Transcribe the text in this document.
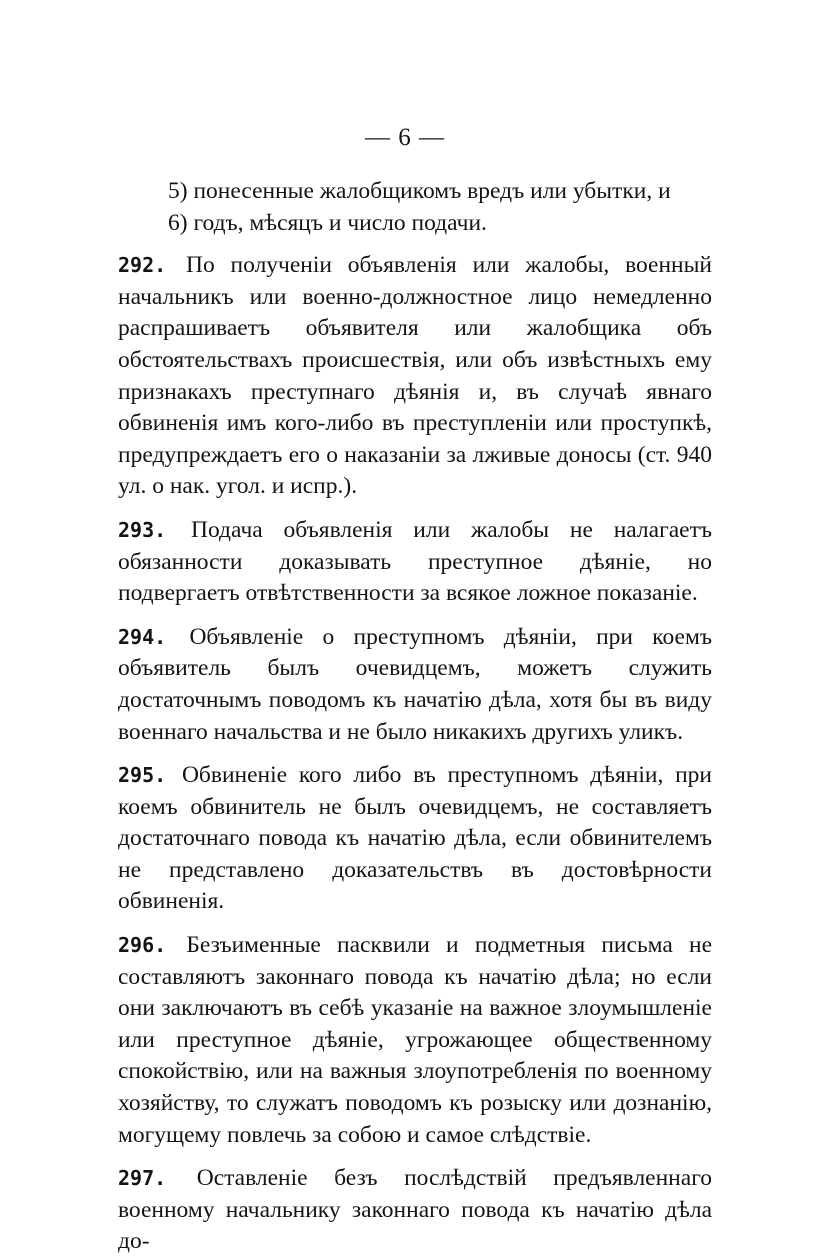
— 6 —
5) понесенные жалобщикомъ вредъ или убытки, и
6) годъ, мѣсяцъ и число подачи.

292. По полученіи объявленія или жалобы, военный начальникъ или военно-должностное лицо немедленно распрашиваетъ объявителя или жалобщика объ обстоятельствахъ происшествія, или объ извѣстныхъ ему признакахъ преступнаго дѣянія и, въ случаѣ явнаго обвиненія имъ кого-либо въ преступленіи или проступкѣ, предупреждаетъ его о наказаніи за лживые доносы (ст. 940 ул. о нак. угол. и испр.).

293. Подача объявленія или жалобы не налагаетъ обязанности доказывать преступное дѣяніе, но подвергаетъ отвѣтственности за всякое ложное показаніе.

294. Объявленіе о преступномъ дѣяніи, при коемъ объявитель былъ очевидцемъ, можетъ служить достаточнымъ поводомъ къ начатію дѣла, хотя бы въ виду военнаго начальства и не было никакихъ другихъ уликъ.

295. Обвиненіе кого либо въ преступномъ дѣяніи, при коемъ обвинитель не былъ очевидцемъ, не составляетъ достаточнаго повода къ начатію дѣла, если обвинителемъ не представлено доказательствъ въ достовѣрности обвиненія.

296. Безъименные пасквили и подметныя письма не составляютъ законнаго повода къ начатію дѣла; но если они заключаютъ въ себѣ указаніе на важное злоумышленіе или преступное дѣяніе, угрожающее общественному спокойствію, или на важныя злоупотребленія по военному хозяйству, то служатъ поводомъ къ розыску или дознанію, могущему повлечь за собою и самое слѣдствіе.

297. Оставленіе безъ послѣдствій предъявленнаго военному начальнику законнаго повода къ начатію дѣла до-
